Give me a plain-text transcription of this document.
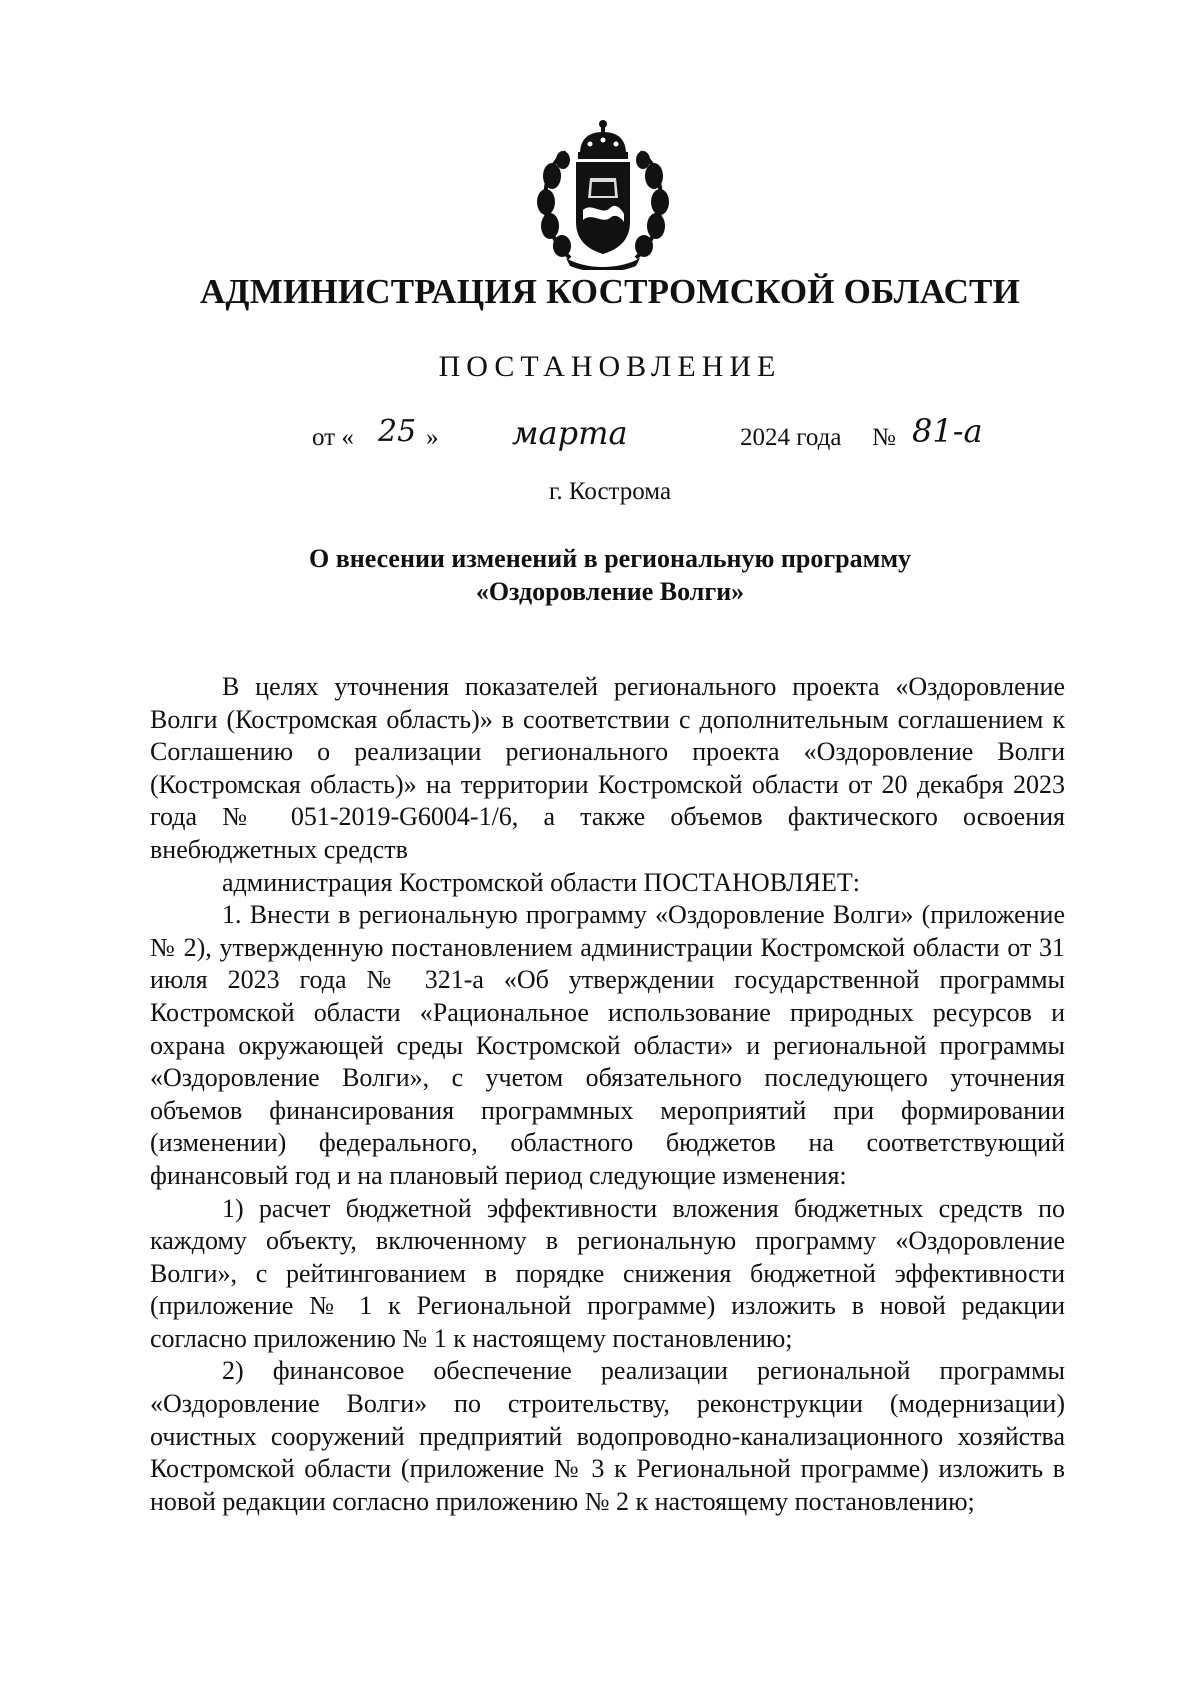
АДМИНИСТРАЦИЯ КОСТРОМСКОЙ ОБЛАСТИ
ПОСТАНОВЛЕНИЕ
от « 25 » марта	2024 года № 81-а
г. Кострома
О внесении изменений в региональную программу
«Оздоровление Волги»

В целях уточнения показателей регионального проекта «Оздоровление Волги (Костромская область)» в соответствии с дополнительным соглашением к Соглашению о реализации регионального проекта «Оздоровление Волги (Костромская область)» на территории Костромской области от 20 декабря 2023 года № 051-2019-G6004-1/6, а также объемов фактического освоения внебюджетных средств

администрация Костромской области ПОСТАНОВЛЯЕТ:

1. Внести в региональную программу «Оздоровление Волги» (приложение № 2), утвержденную постановлением администрации Костромской области от 31 июля 2023 года № 321-а «Об утверждении государственной программы Костромской области «Рациональное использование природных ресурсов и охрана окружающей среды Костромской области» и региональной программы «Оздоровление Волги», с учетом обязательного последующего уточнения объемов финансирования программных мероприятий при формировании (изменении) федерального, областного бюджетов на соответствующий финансовый год и на плановый период следующие изменения:

1) расчет бюджетной эффективности вложения бюджетных средств по каждому объекту, включенному в региональную программу «Оздоровление Волги», с рейтингованием в порядке снижения бюджетной эффективности (приложение № 1 к Региональной программе) изложить в новой редакции согласно приложению № 1 к настоящему постановлению;

2) финансовое обеспечение реализации региональной программы «Оздоровление Волги» по строительству, реконструкции (модернизации) очистных сооружений предприятий водопроводно-канализационного хозяйства Костромской области (приложение № 3 к Региональной программе) изложить в новой редакции согласно приложению № 2 к настоящему постановлению;
